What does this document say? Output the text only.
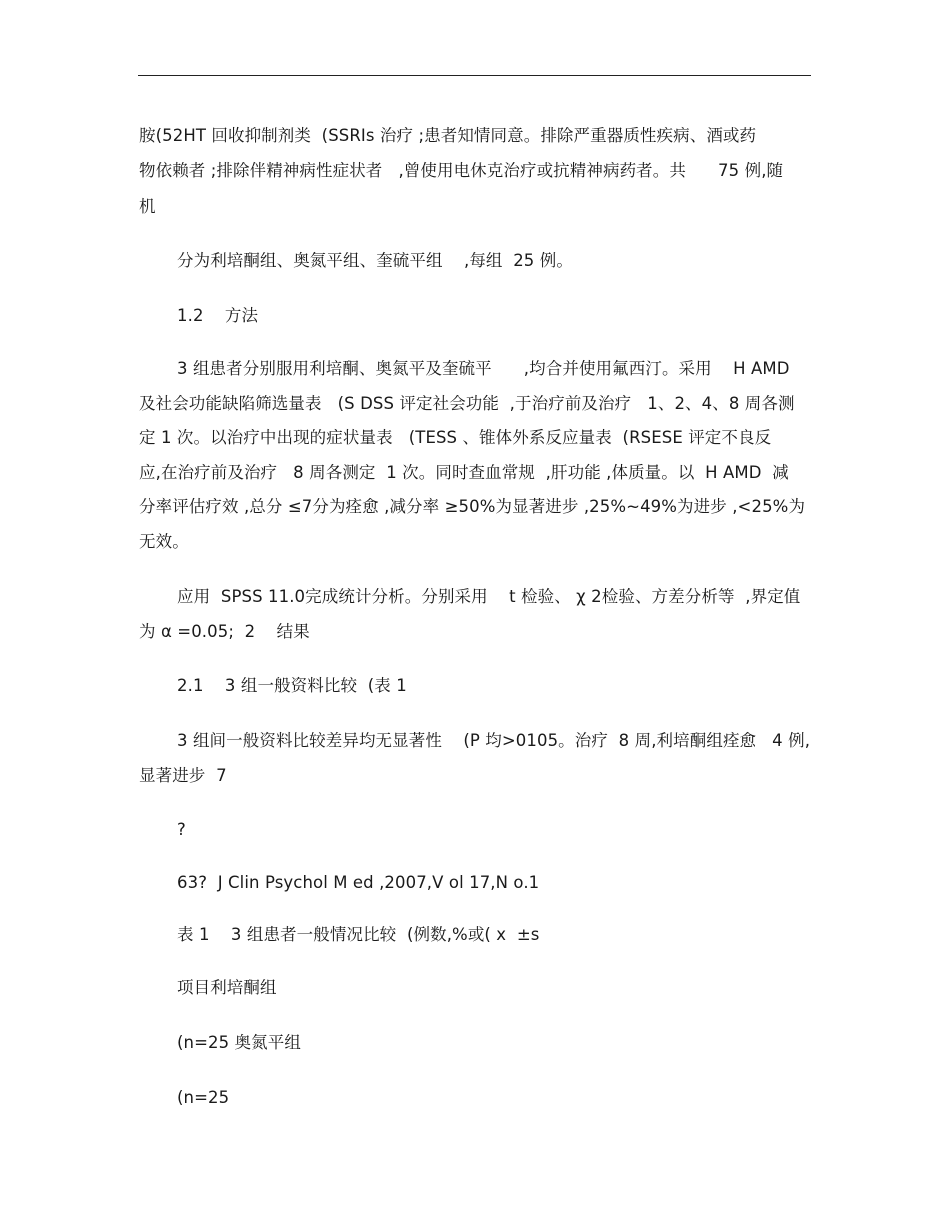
胺(52HT 回收抑制剂类  (SSRIs 治疗 ;患者知情同意。排除严重器质性疾病、酒或药
物依赖者 ;排除伴精神病性症状者   ,曾使用电休克治疗或抗精神病药者。共      75 例,随
机
分为利培酮组、奥氮平组、奎硫平组    ,每组  25 例。
1.2    方法
3 组患者分别服用利培酮、奥氮平及奎硫平      ,均合并使用氟西汀。采用    H AMD
及社会功能缺陷筛选量表   (S DSS 评定社会功能  ,于治疗前及治疗   1、2、4、8 周各测
定 1 次。以治疗中出现的症状量表   (TESS 、锥体外系反应量表  (RSESE 评定不良反
应,在治疗前及治疗   8 周各测定  1 次。同时查血常规  ,肝功能 ,体质量。以  H AMD  减
分率评估疗效 ,总分 ≤7分为痊愈 ,减分率 ≥50%为显著进步 ,25%~49%为进步 ,<25%为
无效。
应用  SPSS 11.0完成统计分析。分别采用    t 检验、 χ 2检验、方差分析等  ,界定值
为 α =0.05;  2    结果
2.1    3 组一般资料比较  (表 1
3 组间一般资料比较差异均无显著性    (P 均>0105。治疗  8 周,利培酮组痊愈   4 例,
显著进步  7
?
63?  J Clin Psychol M ed ,2007,V ol 17,N o.1
表 1    3 组患者一般情况比较  (例数,%或( x  ±s
项目利培酮组
(n=25 奥氮平组
(n=25
